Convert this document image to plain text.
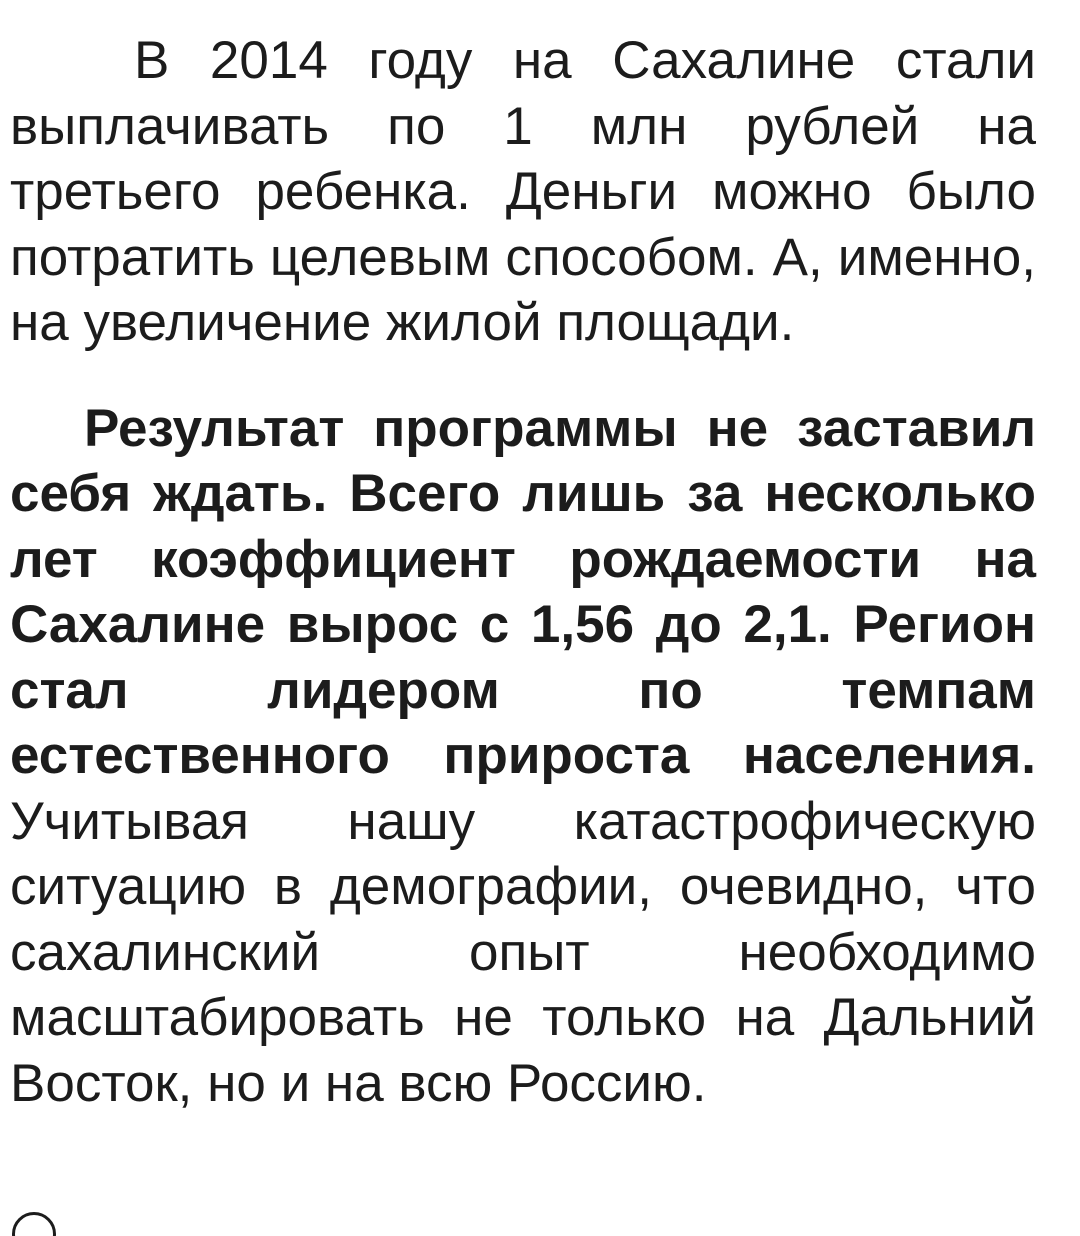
В 2014 году на Сахалине стали выплачивать по 1 млн рублей на третьего ребенка. Деньги можно было потратить целевым способом. А, именно, на увеличение жилой площади.

Результат программы не заставил себя ждать. Всего лишь за несколько лет коэффициент рождаемости на Сахалине вырос с 1,56 до 2,1. Регион стал лидером по темпам естественного прироста населения. Учитывая нашу катастрофическую ситуацию в демографии, очевидно, что сахалинский опыт необходимо масштабировать не только на Дальний Восток, но и на всю Россию.
